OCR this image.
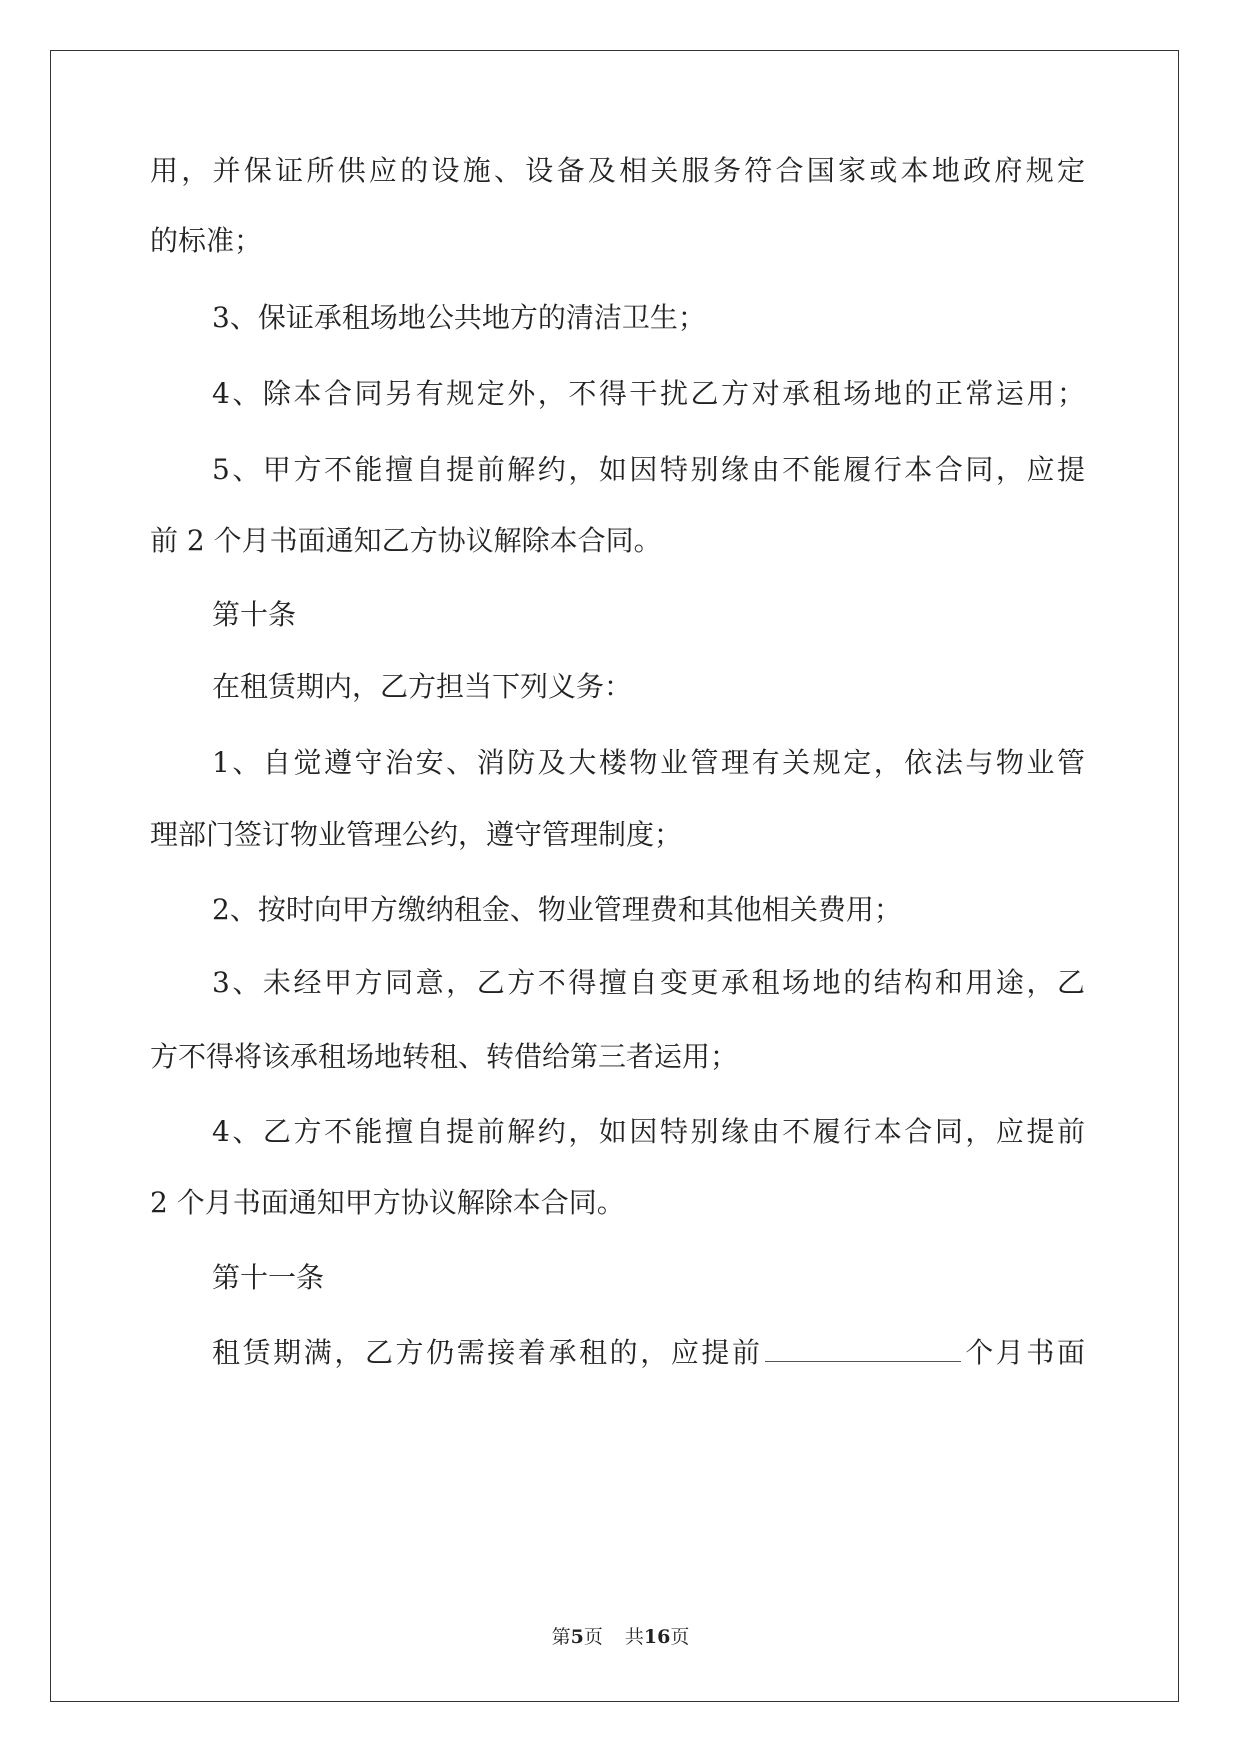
用，并保证所供应的设施、设备及相关服务符合国家或本地政府规定
的标准；
3、保证承租场地公共地方的清洁卫生；
4、除本合同另有规定外，不得干扰乙方对承租场地的正常运用；
5、甲方不能擅自提前解约，如因特别缘由不能履行本合同，应提
前 2 个月书面通知乙方协议解除本合同。
第十条
在租赁期内，乙方担当下列义务：
1、自觉遵守治安、消防及大楼物业管理有关规定，依法与物业管
理部门签订物业管理公约，遵守管理制度；
2、按时向甲方缴纳租金、物业管理费和其他相关费用；
3、未经甲方同意，乙方不得擅自变更承租场地的结构和用途，乙
方不得将该承租场地转租、转借给第三者运用；
4、乙方不能擅自提前解约，如因特别缘由不履行本合同，应提前
2 个月书面通知甲方协议解除本合同。
第十一条
租赁期满，乙方仍需接着承租的，应提前	个月书面
第5页 共16页
